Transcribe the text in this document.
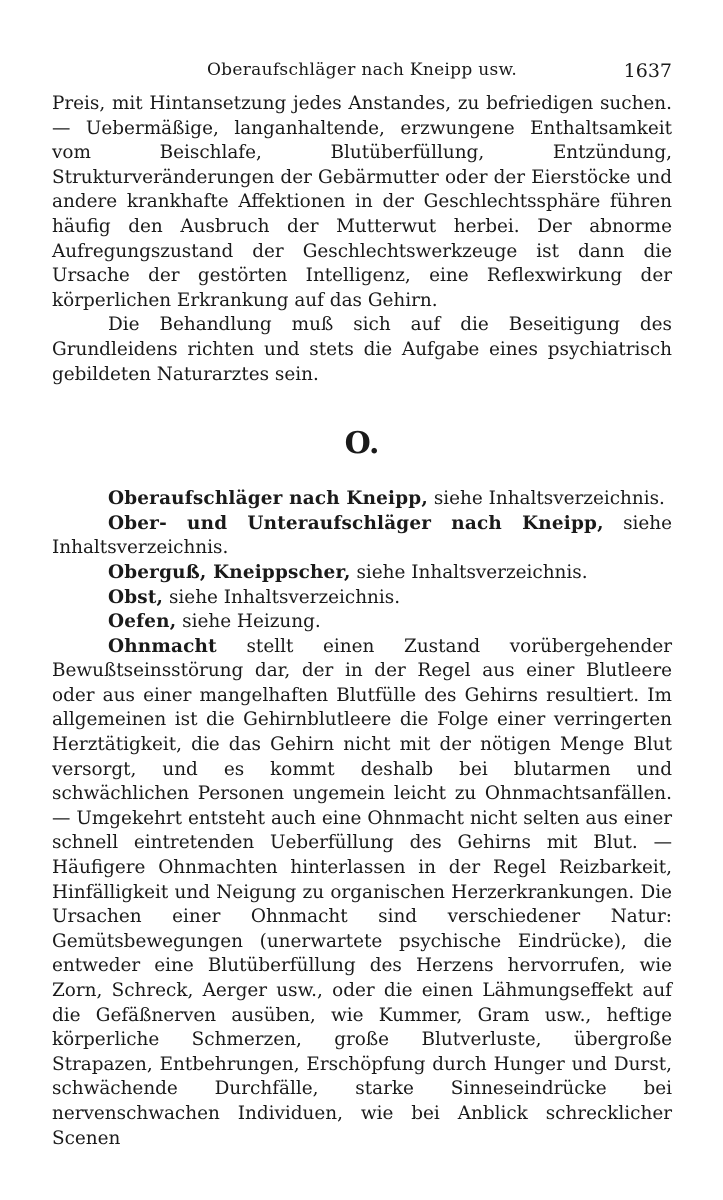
Oberaufschläger nach Kneipp usw.	1637

Preis, mit Hintansetzung jedes Anstandes, zu befriedigen suchen. — Uebermäßige, langanhaltende, erzwungene Enthaltsamkeit vom Beischlafe, Blutüberfüllung, Entzündung, Strukturveränderungen der Gebärmutter oder der Eierstöcke und andere krankhafte Affektionen in der Geschlechtssphäre führen häufig den Ausbruch der Mutterwut herbei. Der abnorme Aufregungszustand der Geschlechtswerkzeuge ist dann die Ursache der gestörten Intelligenz, eine Reflexwirkung der körperlichen Erkrankung auf das Gehirn.

Die Behandlung muß sich auf die Beseitigung des Grundleidens richten und stets die Aufgabe eines psychiatrisch gebildeten Naturarztes sein.

O.

Oberaufschläger nach Kneipp, siehe Inhaltsverzeichnis.

Ober- und Unteraufschläger nach Kneipp, siehe Inhaltsverzeichnis.

Oberguß, Kneippscher, siehe Inhaltsverzeichnis.

Obst, siehe Inhaltsverzeichnis.

Oefen, siehe Heizung.

Ohnmacht stellt einen Zustand vorübergehender Bewußtseinsstörung dar, der in der Regel aus einer Blutleere oder aus einer mangelhaften Blutfülle des Gehirns resultiert. Im allgemeinen ist die Gehirnblutleere die Folge einer verringerten Herztätigkeit, die das Gehirn nicht mit der nötigen Menge Blut versorgt, und es kommt deshalb bei blutarmen und schwächlichen Personen ungemein leicht zu Ohnmachtsanfällen. — Umgekehrt entsteht auch eine Ohnmacht nicht selten aus einer schnell eintretenden Ueberfüllung des Gehirns mit Blut. — Häufigere Ohnmachten hinterlassen in der Regel Reizbarkeit, Hinfälligkeit und Neigung zu organischen Herzerkrankungen. Die Ursachen einer Ohnmacht sind verschiedener Natur: Gemütsbewegungen (unerwartete psychische Eindrücke), die entweder eine Blutüberfüllung des Herzens hervorrufen, wie Zorn, Schreck, Aerger usw., oder die einen Lähmungseffekt auf die Gefäßnerven ausüben, wie Kummer, Gram usw., heftige körperliche Schmerzen, große Blutverluste, übergroße Strapazen, Entbehrungen, Erschöpfung durch Hunger und Durst, schwächende Durchfälle, starke Sinneseindrücke bei nervenschwachen Individuen, wie bei Anblick schrecklicher Scenen
